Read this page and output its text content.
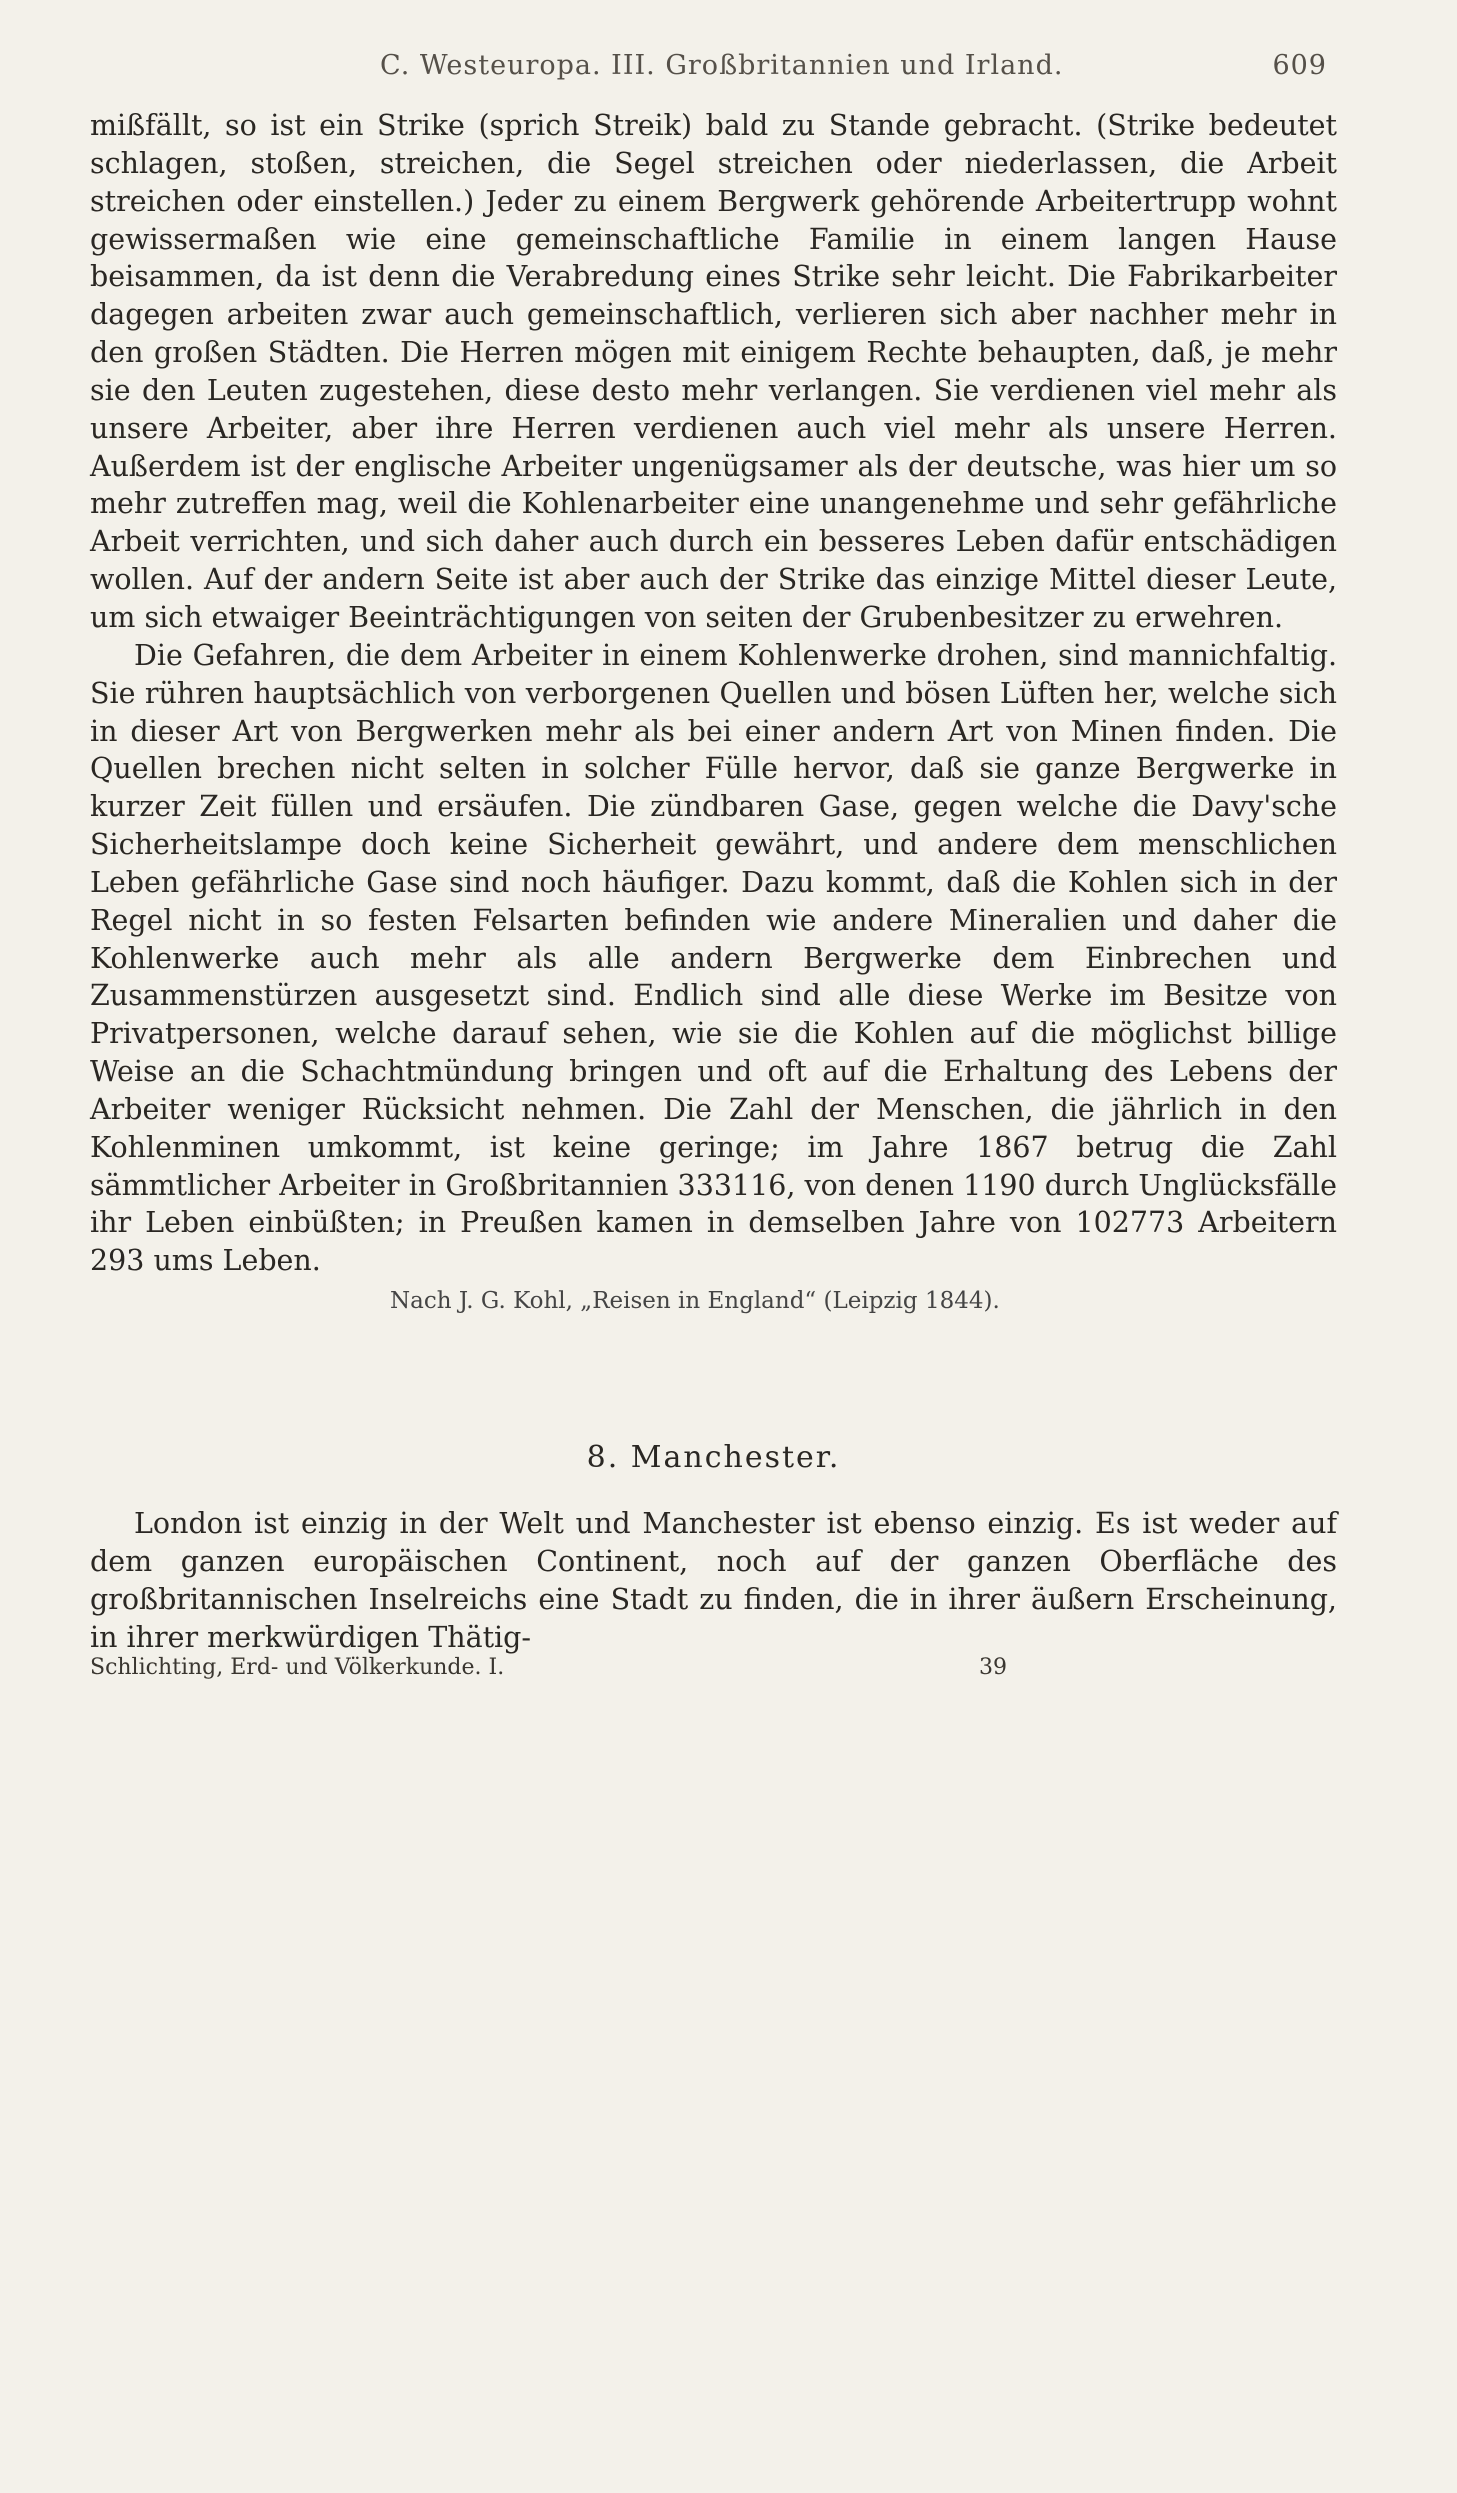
C. Westeuropa. III. Großbritannien und Irland.	609

mißfällt, so ist ein Strike (sprich Streik) bald zu Stande gebracht. (Strike bedeutet schlagen, stoßen, streichen, die Segel streichen oder niederlassen, die Arbeit streichen oder einstellen.) Jeder zu einem Bergwerk gehörende Arbeitertrupp wohnt gewissermaßen wie eine gemeinschaftliche Familie in einem langen Hause beisammen, da ist denn die Verabredung eines Strike sehr leicht. Die Fabrikarbeiter dagegen arbeiten zwar auch gemeinschaftlich, verlieren sich aber nachher mehr in den großen Städten. Die Herren mögen mit einigem Rechte behaupten, daß, je mehr sie den Leuten zugestehen, diese desto mehr verlangen. Sie verdienen viel mehr als unsere Arbeiter, aber ihre Herren verdienen auch viel mehr als unsere Herren. Außerdem ist der englische Arbeiter ungenügsamer als der deutsche, was hier um so mehr zutreffen mag, weil die Kohlenarbeiter eine unangenehme und sehr gefährliche Arbeit verrichten, und sich daher auch durch ein besseres Leben dafür entschädigen wollen. Auf der andern Seite ist aber auch der Strike das einzige Mittel dieser Leute, um sich etwaiger Beeinträchtigungen von seiten der Grubenbesitzer zu erwehren.

Die Gefahren, die dem Arbeiter in einem Kohlenwerke drohen, sind mannichfaltig. Sie rühren hauptsächlich von verborgenen Quellen und bösen Lüften her, welche sich in dieser Art von Bergwerken mehr als bei einer andern Art von Minen finden. Die Quellen brechen nicht selten in solcher Fülle hervor, daß sie ganze Bergwerke in kurzer Zeit füllen und ersäufen. Die zündbaren Gase, gegen welche die Davy'sche Sicherheitslampe doch keine Sicherheit gewährt, und andere dem menschlichen Leben gefährliche Gase sind noch häufiger. Dazu kommt, daß die Kohlen sich in der Regel nicht in so festen Felsarten befinden wie andere Mineralien und daher die Kohlenwerke auch mehr als alle andern Bergwerke dem Einbrechen und Zusammenstürzen ausgesetzt sind. Endlich sind alle diese Werke im Besitze von Privatpersonen, welche darauf sehen, wie sie die Kohlen auf die möglichst billige Weise an die Schachtmündung bringen und oft auf die Erhaltung des Lebens der Arbeiter weniger Rücksicht nehmen. Die Zahl der Menschen, die jährlich in den Kohlenminen umkommt, ist keine geringe; im Jahre 1867 betrug die Zahl sämmtlicher Arbeiter in Großbritannien 333116, von denen 1190 durch Unglücksfälle ihr Leben einbüßten; in Preußen kamen in demselben Jahre von 102773 Arbeitern 293 ums Leben.

Nach J. G. Kohl, „Reisen in England“ (Leipzig 1844).
8. Manchester.

London ist einzig in der Welt und Manchester ist ebenso einzig. Es ist weder auf dem ganzen europäischen Continent, noch auf der ganzen Oberfläche des großbritannischen Inselreichs eine Stadt zu finden, die in ihrer äußern Erscheinung, in ihrer merkwürdigen Thätig-

Schlichting, Erd- und Völkerkunde. I.	39
